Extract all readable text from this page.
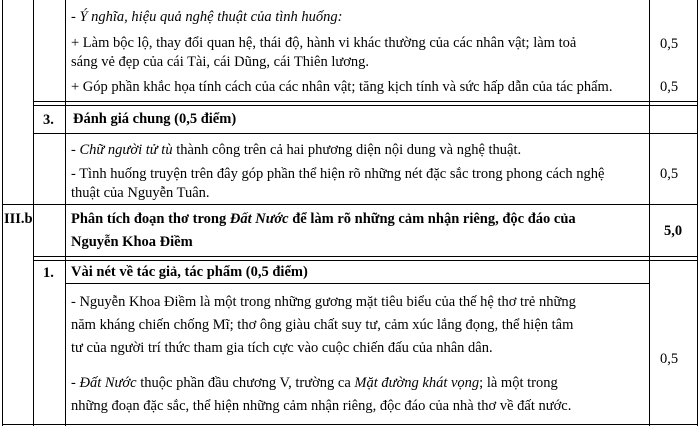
- Ý nghĩa, hiệu quả nghệ thuật của tình huống:
+ Làm bộc lộ, thay đổi quan hệ, thái độ, hành vi khác thường của các nhân vật; làm toả
sáng vẻ đẹp của cái Tài, cái Dũng, cái Thiên lương.
+ Góp phần khắc họa tính cách của các nhân vật; tăng kịch tính và sức hấp dẫn của tác phẩm.
0,5
0,5
3. Đánh giá chung (0,5 điểm)
- Chữ người tử tù thành công trên cả hai phương diện nội dung và nghệ thuật.
- Tình huống truyện trên đây góp phần thể hiện rõ những nét đặc sắc trong phong cách nghệ
thuật của Nguyễn Tuân.
0,5
III.b	Phân tích đoạn thơ trong Đất Nước để làm rõ những cảm nhận riêng, độc đáo của
Nguyễn Khoa Điềm
5,0
1. Vài nét về tác giả, tác phẩm (0,5 điểm)
- Nguyễn Khoa Điềm là một trong những gương mặt tiêu biểu của thế hệ thơ trẻ những
năm kháng chiến chống Mĩ; thơ ông giàu chất suy tư, cảm xúc lắng đọng, thể hiện tâm
tư của người trí thức tham gia tích cực vào cuộc chiến đấu của nhân dân.
- Đất Nước thuộc phần đầu chương V, trường ca Mặt đường khát vọng; là một trong
những đoạn đặc sắc, thể hiện những cảm nhận riêng, độc đáo của nhà thơ về đất nước.
0,5
